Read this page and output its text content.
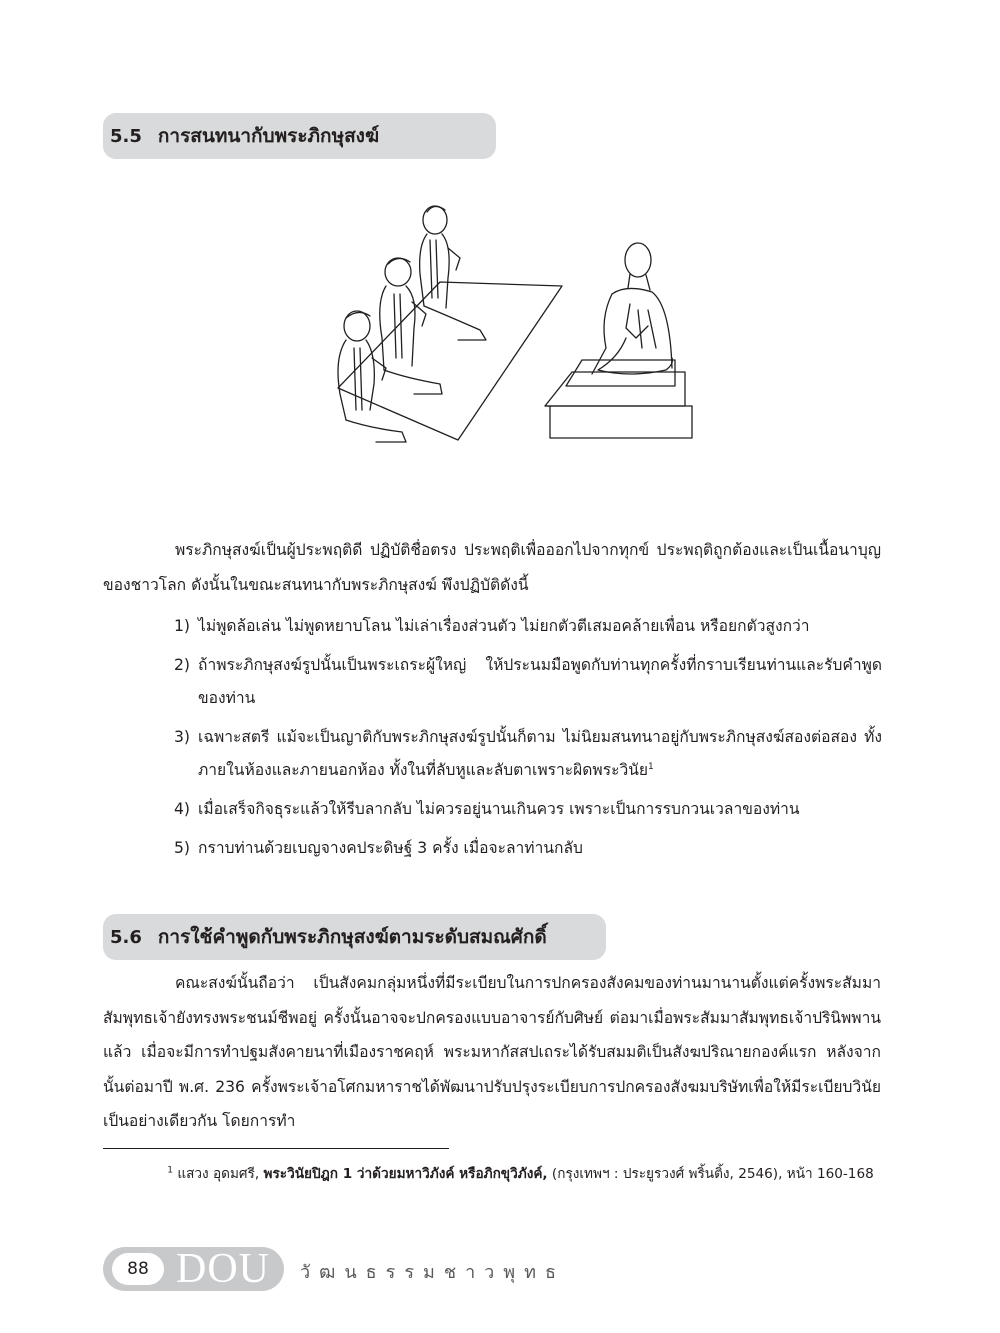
5.5 การสนทนากับพระภิกษุสงฆ์

พระภิกษุสงฆ์เป็นผู้ประพฤติดี ปฏิบัติชื่อตรง ประพฤติเพื่อออกไปจากทุกข์ ประพฤติถูกต้องและเป็นเนื้อนาบุญของชาวโลก ดังนั้นในขณะสนทนากับพระภิกษุสงฆ์ พึงปฏิบัติดังนี้

1) ไม่พูดล้อเล่น ไม่พูดหยาบโลน ไม่เล่าเรื่องส่วนตัว ไม่ยกตัวตีเสมอคล้ายเพื่อน หรือยกตัวสูงกว่า
2) ถ้าพระภิกษุสงฆ์รูปนั้นเป็นพระเถระผู้ใหญ่ ให้ประนมมือพูดกับท่านทุกครั้งที่กราบเรียนท่านและรับคำพูดของท่าน
3) เฉพาะสตรี แม้จะเป็นญาติกับพระภิกษุสงฆ์รูปนั้นก็ตาม ไม่นิยมสนทนาอยู่กับพระภิกษุสงฆ์สองต่อสอง ทั้งภายในห้องและภายนอกห้อง ทั้งในที่ลับหูและลับตาเพราะผิดพระวินัย$^1$
4) เมื่อเสร็จกิจธุระแล้วให้รีบลากลับ ไม่ควรอยู่นานเกินควร เพราะเป็นการรบกวนเวลาของท่าน
5) กราบท่านด้วยเบญจางคประดิษฐ์ 3 ครั้ง เมื่อจะลาท่านกลับ
5.6 การใช้คำพูดกับพระภิกษุสงฆ์ตามระดับสมณศักดิ์

คณะสงฆ์นั้นถือว่า เป็นสังคมกลุ่มหนึ่งที่มีระเบียบในการปกครองสังคมของท่านมานานตั้งแต่ครั้งพระสัมมาสัมพุทธเจ้ายังทรงพระชนม์ชีพอยู่ ครั้งนั้นอาจจะปกครองแบบอาจารย์กับศิษย์ ต่อมาเมื่อพระสัมมาสัมพุทธเจ้าปรินิพพานแล้ว เมื่อจะมีการทำปฐมสังคายนาที่เมืองราชคฤห์ พระมหากัสสปเถระได้รับสมมติเป็นสังฆปริณายกองค์แรก หลังจากนั้นต่อมาปี พ.ศ. 236 ครั้งพระเจ้าอโศกมหาราชได้พัฒนาปรับปรุงระเบียบการปกครองสังฆมบริษัทเพื่อให้มีระเบียบวินัยเป็นอย่างเดียวกัน โดยการทำ

$^1$ แสวง อุดมศรี, พระวินัยปิฎก 1 ว่าด้วยมหาวิภังค์ หรือภิกขุวิภังค์, (กรุงเทพฯ : ประยูรวงศ์ พริ้นติ้ง, 2546), หน้า 160-168

88 DOU วัฒนธรรมชาวพุทธ
